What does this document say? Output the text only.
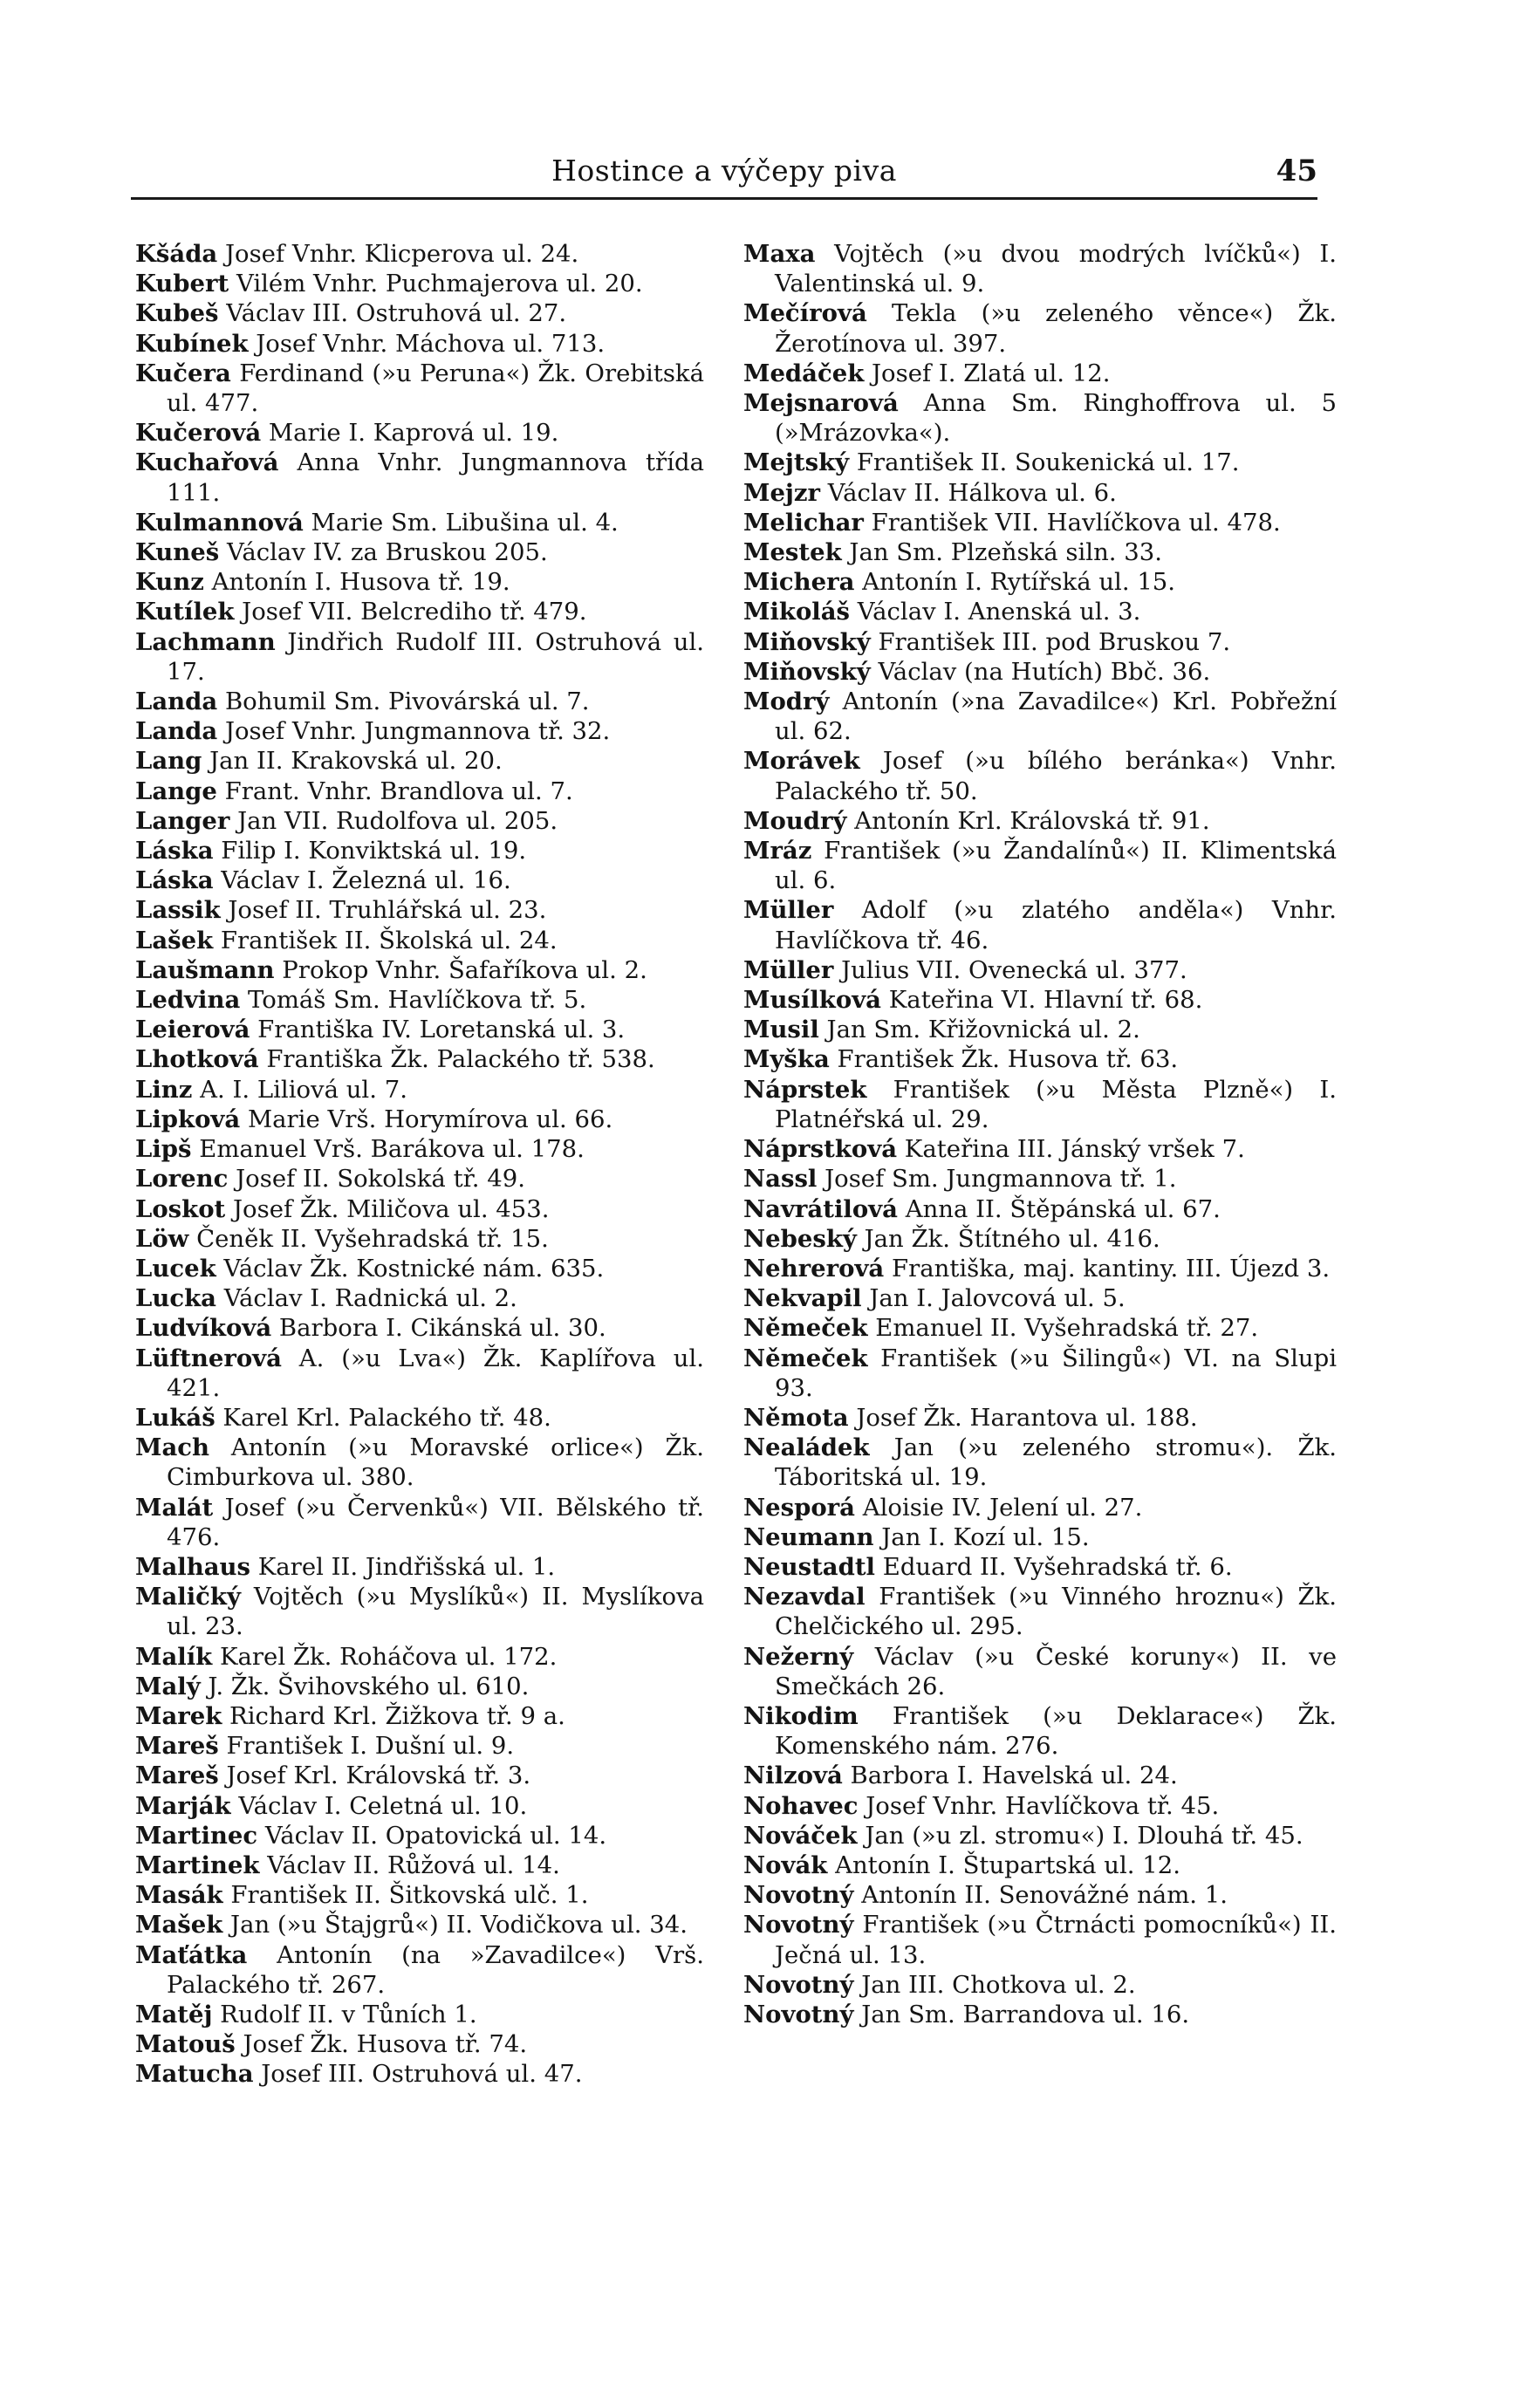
Hostince a výčepy piva	45
Kšáda Josef Vnhr. Klicperova ul. 24.
Kubert Vilém Vnhr. Puchmajerova ul. 20.
Kubeš Václav III. Ostruhová ul. 27.
Kubínek Josef Vnhr. Máchova ul. 713.
Kučera Ferdinand (»u Peruna«) Žk. Orebitská ul. 477.
Kučerová Marie I. Kaprová ul. 19.
Kuchařová Anna Vnhr. Jungmannova třída 111.
Kulmannová Marie Sm. Libušina ul. 4.
Kuneš Václav IV. za Bruskou 205.
Kunz Antonín I. Husova tř. 19.
Kutílek Josef VII. Belcrediho tř. 479.
Lachmann Jindřich Rudolf III. Ostruhová ul. 17.
Landa Bohumil Sm. Pivovárská ul. 7.
Landa Josef Vnhr. Jungmannova tř. 32.
Lang Jan II. Krakovská ul. 20.
Lange Frant. Vnhr. Brandlova ul. 7.
Langer Jan VII. Rudolfova ul. 205.
Láska Filip I. Konviktská ul. 19.
Láska Václav I. Železná ul. 16.
Lassik Josef II. Truhlářská ul. 23.
Lašek František II. Školská ul. 24.
Laušmann Prokop Vnhr. Šafaříkova ul. 2.
Ledvina Tomáš Sm. Havlíčkova tř. 5.
Leierová Františka IV. Loretanská ul. 3.
Lhotková Františka Žk. Palackého tř. 538.
Linz A. I. Liliová ul. 7.
Lipková Marie Vrš. Horymírova ul. 66.
Lipš Emanuel Vrš. Barákova ul. 178.
Lorenc Josef II. Sokolská tř. 49.
Loskot Josef Žk. Miličova ul. 453.
Löw Čeněk II. Vyšehradská tř. 15.
Lucek Václav Žk. Kostnické nám. 635.
Lucka Václav I. Radnická ul. 2.
Ludvíková Barbora I. Cikánská ul. 30.
Lüftnerová A. (»u Lva«) Žk. Kaplířova ul. 421.
Lukáš Karel Krl. Palackého tř. 48.
Mach Antonín (»u Moravské orlice«) Žk. Cimburkova ul. 380.
Malát Josef (»u Červenků«) VII. Bělského tř. 476.
Malhaus Karel II. Jindřišská ul. 1.
Maličký Vojtěch (»u Myslíků«) II. Myslíkova ul. 23.
Malík Karel Žk. Roháčova ul. 172.
Malý J. Žk. Švihovského ul. 610.
Marek Richard Krl. Žižkova tř. 9 a.
Mareš František I. Dušní ul. 9.
Mareš Josef Krl. Královská tř. 3.
Marják Václav I. Celetná ul. 10.
Martinec Václav II. Opatovická ul. 14.
Martinek Václav II. Růžová ul. 14.
Masák František II. Šitkovská ulč. 1.
Mašek Jan (»u Štajgrů«) II. Vodičkova ul. 34.
Maťátka Antonín (na »Zavadilce«) Vrš. Palackého tř. 267.
Matěj Rudolf II. v Tůních 1.
Matouš Josef Žk. Husova tř. 74.
Matucha Josef III. Ostruhová ul. 47.
Maxa Vojtěch (»u dvou modrých lvíčků«) I. Valentinská ul. 9.
Mečírová Tekla (»u zeleného věnce«) Žk. Žerotínova ul. 397.
Medáček Josef I. Zlatá ul. 12.
Mejsnarová Anna Sm. Ringhoffrova ul. 5 (»Mrázovka«).
Mejtský František II. Soukenická ul. 17.
Mejzr Václav II. Hálkova ul. 6.
Melichar František VII. Havlíčkova ul. 478.
Mestek Jan Sm. Plzeňská siln. 33.
Michera Antonín I. Rytířská ul. 15.
Mikoláš Václav I. Anenská ul. 3.
Miňovský František III. pod Bruskou 7.
Miňovský Václav (na Hutích) Bbč. 36.
Modrý Antonín (»na Zavadilce«) Krl. Pobřežní ul. 62.
Morávek Josef (»u bílého beránka«) Vnhr. Palackého tř. 50.
Moudrý Antonín Krl. Královská tř. 91.
Mráz František (»u Žandalínů«) II. Klimentská ul. 6.
Müller Adolf (»u zlatého anděla«) Vnhr. Havlíčkova tř. 46.
Müller Julius VII. Ovenecká ul. 377.
Musílková Kateřina VI. Hlavní tř. 68.
Musil Jan Sm. Křižovnická ul. 2.
Myška František Žk. Husova tř. 63.
Náprstek František (»u Města Plzně«) I. Platnéřská ul. 29.
Náprstková Kateřina III. Jánský vršek 7.
Nassl Josef Sm. Jungmannova tř. 1.
Navrátilová Anna II. Štěpánská ul. 67.
Nebeský Jan Žk. Štítného ul. 416.
Nehrerová Františka, maj. kantiny. III. Újezd 3.
Nekvapil Jan I. Jalovcová ul. 5.
Němeček Emanuel II. Vyšehradská tř. 27.
Němeček František (»u Šilingů«) VI. na Slupi 93.
Němota Josef Žk. Harantova ul. 188.
Nealádek Jan (»u zeleného stromu«). Žk. Táboritská ul. 19.
Nesporá Aloisie IV. Jelení ul. 27.
Neumann Jan I. Kozí ul. 15.
Neustadtl Eduard II. Vyšehradská tř. 6.
Nezavdal František (»u Vinného hroznu«) Žk. Chelčického ul. 295.
Nežerný Václav (»u České koruny«) II. ve Smečkách 26.
Nikodim František (»u Deklarace«) Žk. Komenského nám. 276.
Nilzová Barbora I. Havelská ul. 24.
Nohavec Josef Vnhr. Havlíčkova tř. 45.
Nováček Jan (»u zl. stromu«) I. Dlouhá tř. 45.
Novák Antonín I. Štupartská ul. 12.
Novotný Antonín II. Senovážné nám. 1.
Novotný František (»u Čtrnácti pomocníků«) II. Ječná ul. 13.
Novotný Jan III. Chotkova ul. 2.
Novotný Jan Sm. Barrandova ul. 16.
